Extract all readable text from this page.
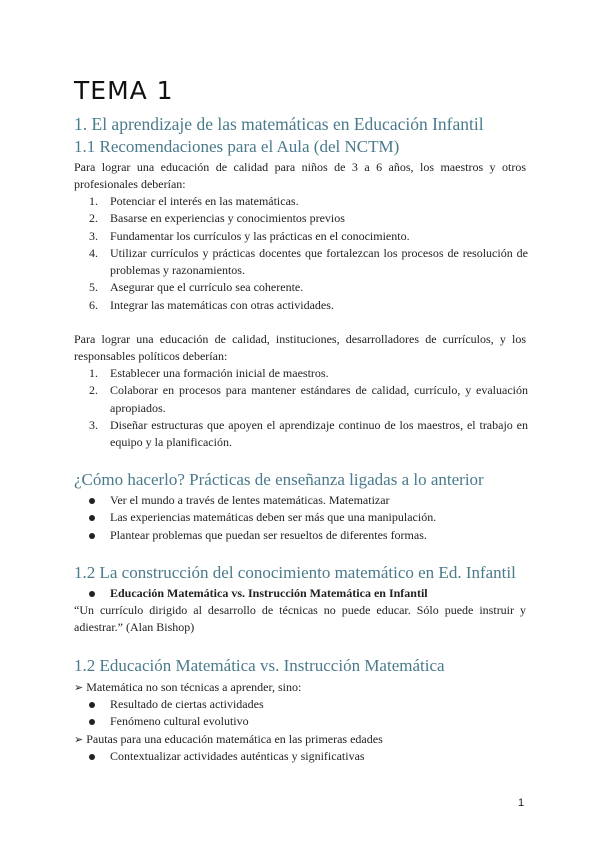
TEMA 1
1. El aprendizaje de las matemáticas en Educación Infantil
1.1 Recomendaciones para el Aula (del NCTM)

Para lograr una educación de calidad para niños de 3 a 6 años, los maestros y otros profesionales deberían:

1. Potenciar el interés en las matemáticas.
2. Basarse en experiencias y conocimientos previos
3. Fundamentar los currículos y las prácticas en el conocimiento.
4. Utilizar currículos y prácticas docentes que fortalezcan los procesos de resolución de problemas y razonamientos.
5. Asegurar que el currículo sea coherente.
6. Integrar las matemáticas con otras actividades.

Para lograr una educación de calidad, instituciones, desarrolladores de currículos, y los responsables políticos deberían:

1. Establecer una formación inicial de maestros.
2. Colaborar en procesos para mantener estándares de calidad, currículo, y evaluación apropiados.
3. Diseñar estructuras que apoyen el aprendizaje continuo de los maestros, el trabajo en equipo y la planificación.
¿Cómo hacerlo? Prácticas de enseñanza ligadas a lo anterior
Ver el mundo a través de lentes matemáticas. Matematizar
Las experiencias matemáticas deben ser más que una manipulación.
Plantear problemas que puedan ser resueltos de diferentes formas.
1.2 La construcción del conocimiento matemático en Ed. Infantil
Educación Matemática vs. Instrucción Matemática en Infantil

“Un currículo dirigido al desarrollo de técnicas no puede educar. Sólo puede instruir y adiestrar.” (Alan Bishop)

1.2 Educación Matemática vs. Instrucción Matemática
➢ Matemática no son técnicas a aprender, sino:
Resultado de ciertas actividades
Fenómeno cultural evolutivo
➢ Pautas para una educación matemática en las primeras edades
Contextualizar actividades auténticas y significativas
1
